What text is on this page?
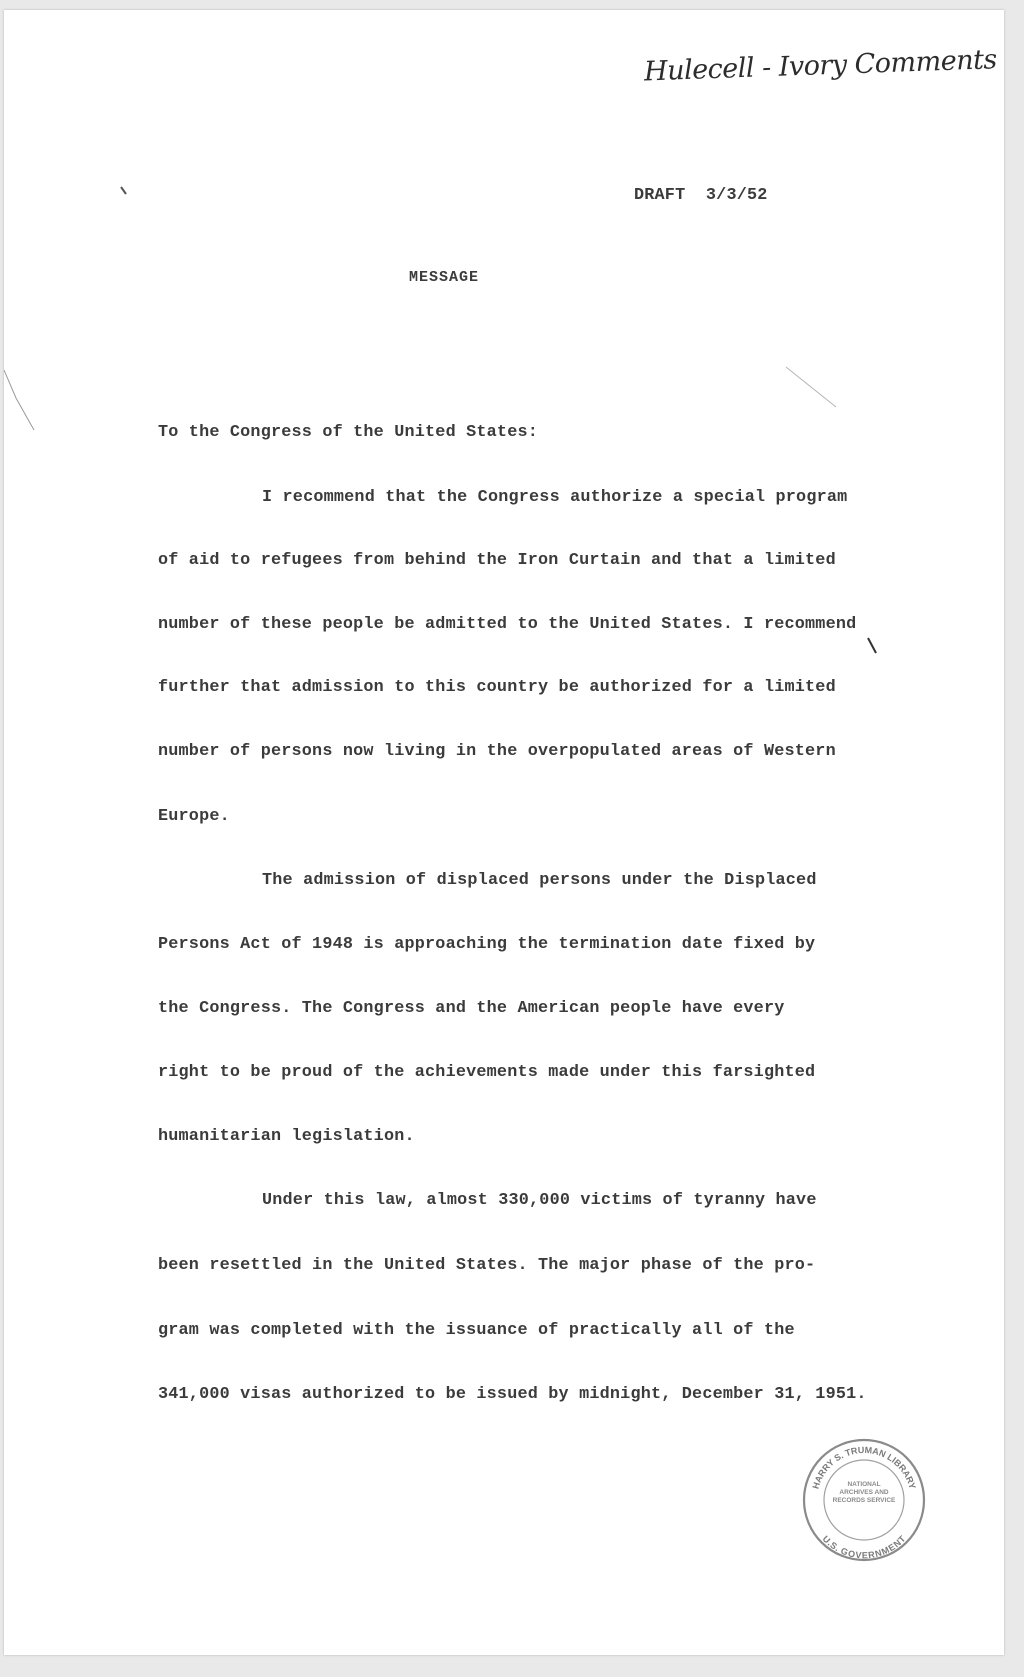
Hulecell - Ivory Comments
DRAFT 3/3/52
MESSAGE
To the Congress of the United States:
I recommend that the Congress authorize a special program
of aid to refugees from behind the Iron Curtain and that a limited
number of these people be admitted to the United States. I recommend
further that admission to this country be authorized for a limited
number of persons now living in the overpopulated areas of Western
Europe.
The admission of displaced persons under the Displaced
Persons Act of 1948 is approaching the termination date fixed by
the Congress. The Congress and the American people have every
right to be proud of the achievements made under this farsighted
humanitarian legislation.
Under this law, almost 330,000 victims of tyranny have
been resettled in the United States. The major phase of the pro-
gram was completed with the issuance of practically all of the
341,000 visas authorized to be issued by midnight, December 31, 1951.
HARRY S. TRUMAN LIBRARY
U.S. GOVERNMENT
NATIONAL ARCHIVES AND RECORDS SERVICE
